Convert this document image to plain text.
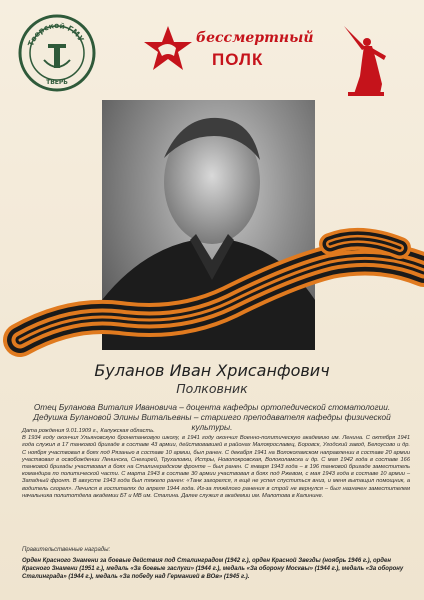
Тверской ГМУ
ТВЕРЬ
бессмертный
ПОЛК
Буланов Иван Хрисанфович
Полковник
Отец Буланова Виталия Ивановича – доцента кафедры ортопедической стоматологии.
Дедушка Булановой Элины Витальевны – старшего преподавателя кафедры физической культуры.
Дата рождения 9.01.1909 г., Калужская область.
В 1934 году окончил Ульяновскую бронетанковую школу, в 1941 году окончил Военно-политическую академию им. Ленина. С октября 1941 года служил в 17 танковой бригаде в составе 43 армии, действовавшей в районах Малоярославец, Боровск, Угодский завод, Белоусово и др. С ноября участвовал в боях под Рязанью в составе 10 армии, был ранен. С декабря 1941 на Волоколамском направлении в составе 20 армии участвовал в освобождении Ленинска, Снегирей, Трухаловки, Истры, Новопокровская, Волоколамска и др. С мая 1942 года в составе 166 танковой бригады участвовал в боях на Сталинградском фронте – был ранен. С января 1943 года – в 196 танковой бригаде заместитель командира по политической части. С марта 1943 в составе 30 армии участвовал в боях под Ржевом, с мая 1943 года в составе 10 армии – Западный фронт. В августе 1943 года был тяжело ранен: «Танк загорелся, я ещё не успел спуститься вниз, и меня вытащил помощник, а водитель сгорел». Лечился в госпиталях до апреля 1944 года. Из-за тяжёлого ранения в строй не вернулся – был назначен заместителем начальника политотдела академии БТ и МВ им. Сталина. Далее служил в академии им. Малотова в Калинине.
Правительственные награды:
Орден Красного Знамени за боевые действия под Сталинградом (1942 г.), орден Красной Звезды (ноябрь 1946 г.), орден Красного Знамени (1951 г.), медаль «За боевые заслуги» (1944 г.), медаль «За оборону Москвы» (1944 г.), медаль «За оборону Сталинграда» (1944 г.), медаль «За победу над Германией в ВОв» (1945 г.).
